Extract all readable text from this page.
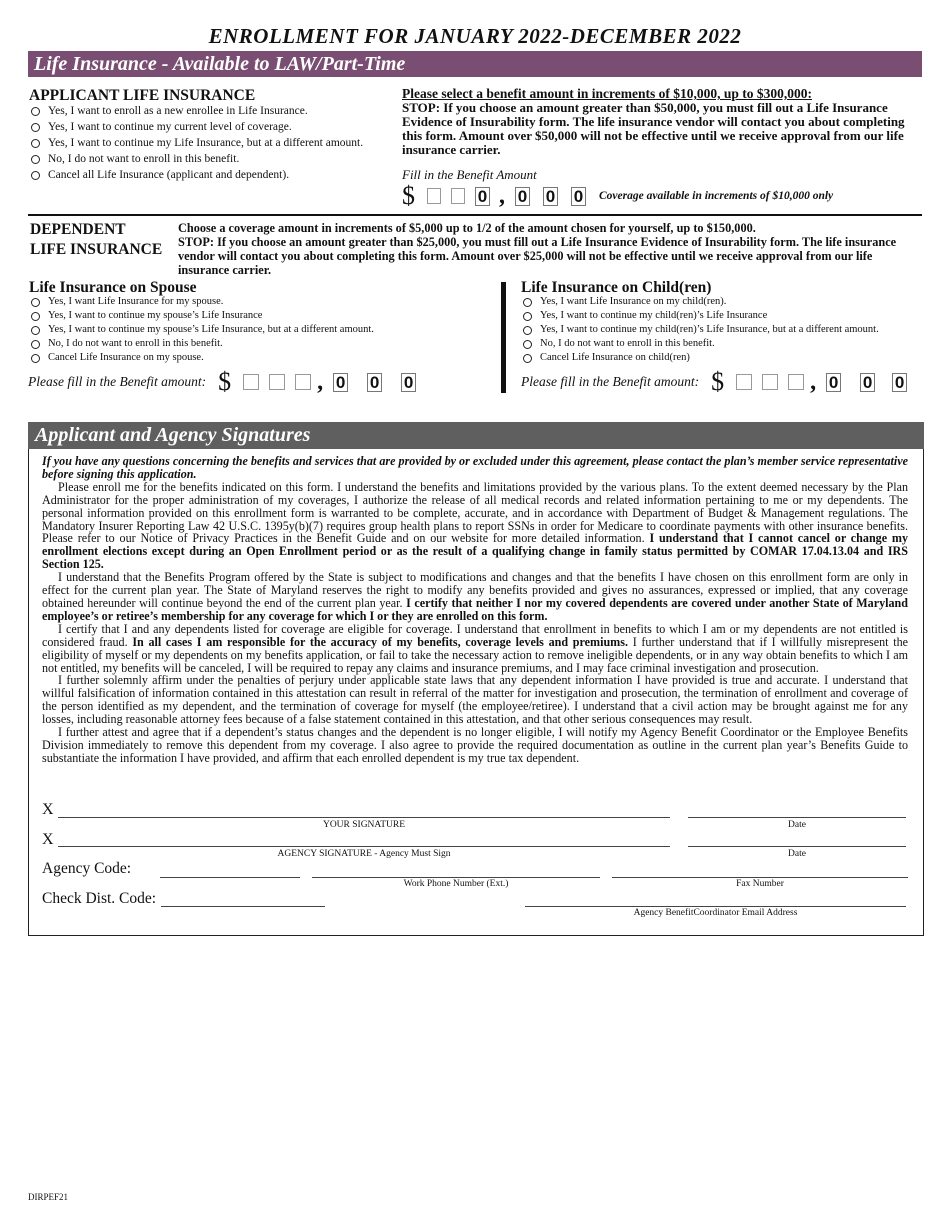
ENROLLMENT FOR JANUARY 2022-DECEMBER 2022
Life Insurance - Available to LAW/Part-Time
APPLICANT LIFE INSURANCE
Yes, I want to enroll as a new enrollee in Life Insurance.
Yes, I want to continue my current level of coverage.
Yes, I want to continue my Life Insurance, but at a different amount.
No, I do not want to enroll in this benefit.
Cancel all Life Insurance (applicant and dependent).
Please select a benefit amount in increments of $10,000, up to $300,000:
STOP: If you choose an amount greater than $50,000, you must fill out a Life Insurance Evidence of Insurability form. The life insurance vendor will contact you about completing this form. Amount over $50,000 will not be effective until we receive approval from our life insurance carrier.
Fill in the Benefit Amount
$	0 , 0 0 0 Coverage available in increments of $10,000 only
DEPENDENT
LIFE INSURANCE
Choose a coverage amount in increments of $5,000 up to 1/2 of the amount chosen for yourself, up to $150,000.
STOP: If you choose an amount greater than $25,000, you must fill out a Life Insurance Evidence of Insurability form. The life insurance vendor will contact you about completing this form. Amount over $25,000 will not be effective until we receive approval from our life insurance carrier.
Life Insurance on Spouse
Yes, I want Life Insurance for my spouse.
Yes, I want to continue my spouse’s Life Insurance
Yes, I want to continue my spouse’s Life Insurance, but at a different amount.
No, I do not want to enroll in this benefit.
Cancel Life Insurance on my spouse.
Please fill in the Benefit amount: $	, 0 0 0
Life Insurance on Child(ren)
Yes, I want Life Insurance on my child(ren).
Yes, I want to continue my child(ren)’s Life Insurance
Yes, I want to continue my child(ren)’s Life Insurance, but at a different amount.
No, I do not want to enroll in this benefit.
Cancel Life Insurance on child(ren)
Please fill in the Benefit amount: $	, 0 0 0
Applicant and Agency Signatures

If you have any questions concerning the benefits and services that are provided by or excluded under this agreement, please contact the plan’s member service representative before signing this application.

Please enroll me for the benefits indicated on this form. I understand the benefits and limitations provided by the various plans. To the extent deemed necessary by the Plan Administrator for the proper administration of my coverages, I authorize the release of all medical records and related information pertaining to me or my dependents. The personal information provided on this enrollment form is warranted to be complete, accurate, and in accordance with Department of Budget & Management regulations. The Mandatory Insurer Reporting Law 42 U.S.C. 1395y(b)(7) requires group health plans to report SSNs in order for Medicare to coordinate payments with other insurance benefits. Please refer to our Notice of Privacy Practices in the Benefit Guide and on our website for more detailed information. I understand that I cannot cancel or change my enrollment elections except during an Open Enrollment period or as the result of a qualifying change in family status permitted by COMAR 17.04.13.04 and IRS Section 125.

I understand that the Benefits Program offered by the State is subject to modifications and changes and that the benefits I have chosen on this enrollment form are only in effect for the current plan year. The State of Maryland reserves the right to modify any benefits provided and gives no assurances, expressed or implied, that any coverage obtained hereunder will continue beyond the end of the current plan year. I certify that neither I nor my covered dependents are covered under another State of Maryland employee’s or retiree’s membership for any coverage for which I or they are enrolled on this form.

I certify that I and any dependents listed for coverage are eligible for coverage. I understand that enrollment in benefits to which I am or my dependents are not entitled is considered fraud. In all cases I am responsible for the accuracy of my benefits, coverage levels and premiums. I further understand that if I willfully misrepresent the eligibility of myself or my dependents on my benefits application, or fail to take the necessary action to remove ineligible dependents, or in any way obtain benefits to which I am not entitled, my benefits will be canceled, I will be required to repay any claims and insurance premiums, and I may face criminal investigation and prosecution.

I further solemnly affirm under the penalties of perjury under applicable state laws that any dependent information I have provided is true and accurate. I understand that willful falsification of information contained in this attestation can result in referral of the matter for investigation and prosecution, the termination of enrollment and coverage of the person identified as my dependent, and the termination of coverage for myself (the employee/retiree). I understand that a civil action may be brought against me for any losses, including reasonable attorney fees because of a false statement contained in this attestation, and that other serious consequences may result.

I further attest and agree that if a dependent’s status changes and the dependent is no longer eligible, I will notify my Agency Benefit Coordinator or the Employee Benefits Division immediately to remove this dependent from my coverage. I also agree to provide the required documentation as outline in the current plan year’s Benefits Guide to substantiate the information I have provided, and affirm that each enrolled dependent is my true tax dependent.

X
YOUR SIGNATURE	Date
X
AGENCY SIGNATURE - Agency Must Sign	Date
Agency Code:
Work Phone Number (Ext.)	Fax Number
Check Dist. Code:
Agency BenefitCoordinator Email Address
DIRPEF21
